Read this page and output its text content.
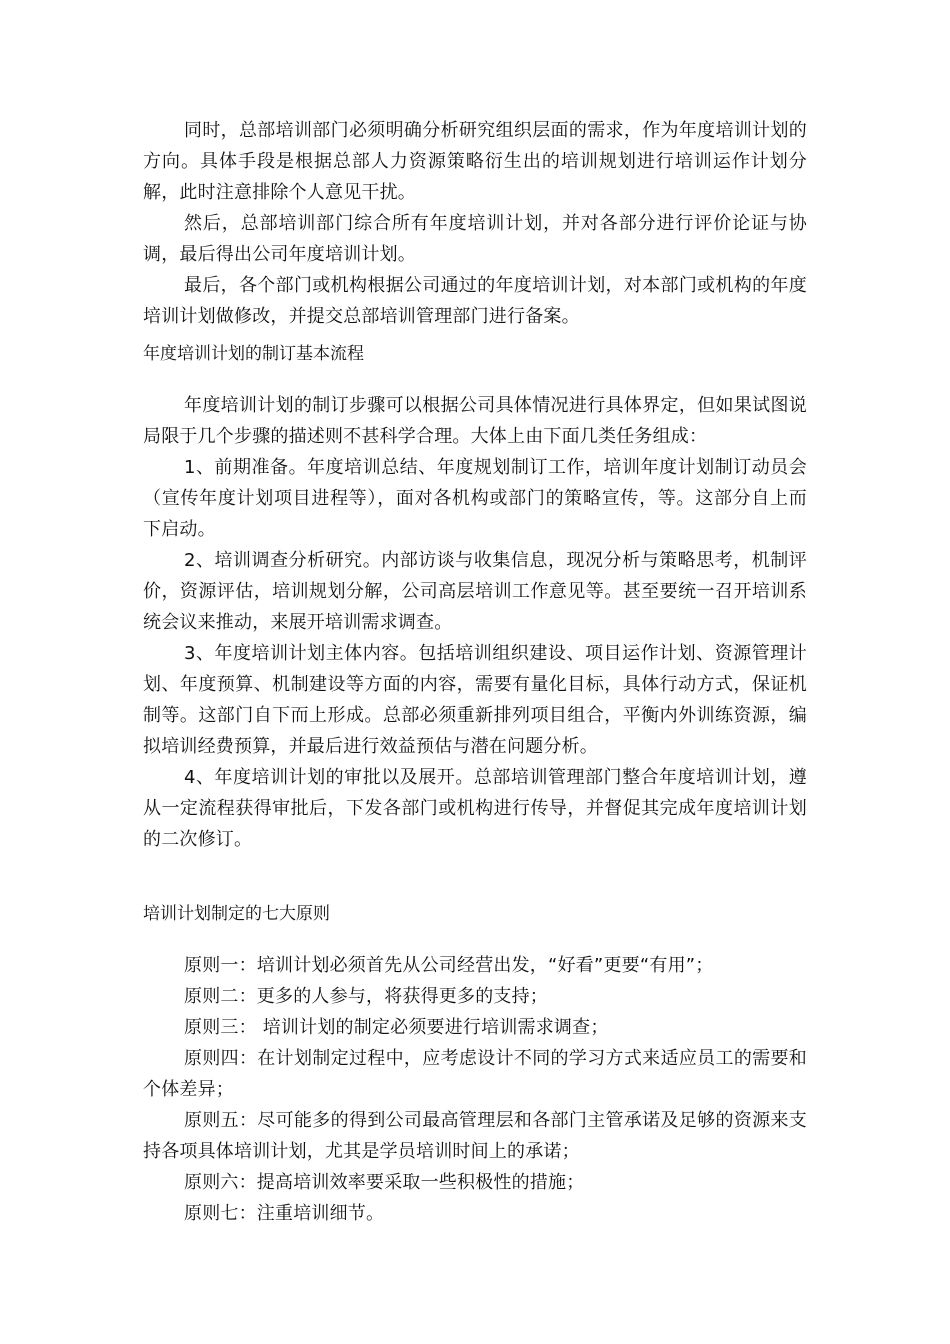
同时，总部培训部门必须明确分析研究组织层面的需求，作为年度培训计划的方向。具体手段是根据总部人力资源策略衍生出的培训规划进行培训运作计划分解，此时注意排除个人意见干扰。

然后，总部培训部门综合所有年度培训计划，并对各部分进行评价论证与协调，最后得出公司年度培训计划。

最后，各个部门或机构根据公司通过的年度培训计划，对本部门或机构的年度培训计划做修改，并提交总部培训管理部门进行备案。

年度培训计划的制订基本流程

年度培训计划的制订步骤可以根据公司具体情况进行具体界定，但如果试图说局限于几个步骤的描述则不甚科学合理。大体上由下面几类任务组成：

1、前期准备。年度培训总结、年度规划制订工作，培训年度计划制订动员会（宣传年度计划项目进程等），面对各机构或部门的策略宣传，等。这部分自上而下启动。

2、培训调查分析研究。内部访谈与收集信息，现况分析与策略思考，机制评价，资源评估，培训规划分解，公司高层培训工作意见等。甚至要统一召开培训系统会议来推动，来展开培训需求调查。

3、年度培训计划主体内容。包括培训组织建设、项目运作计划、资源管理计划、年度预算、机制建设等方面的内容，需要有量化目标，具体行动方式，保证机制等。这部门自下而上形成。总部必须重新排列项目组合，平衡内外训练资源，编拟培训经费预算，并最后进行效益预估与潜在问题分析。

4、年度培训计划的审批以及展开。总部培训管理部门整合年度培训计划，遵从一定流程获得审批后，下发各部门或机构进行传导，并督促其完成年度培训计划的二次修订。

培训计划制定的七大原则

原则一：培训计划必须首先从公司经营出发，“好看”更要“有用”；

原则二：更多的人参与，将获得更多的支持；

原则三： 培训计划的制定必须要进行培训需求调查；

原则四：在计划制定过程中，应考虑设计不同的学习方式来适应员工的需要和个体差异；

原则五：尽可能多的得到公司最高管理层和各部门主管承诺及足够的资源来支持各项具体培训计划，尤其是学员培训时间上的承诺；

原则六：提高培训效率要采取一些积极性的措施；

原则七：注重培训细节。
